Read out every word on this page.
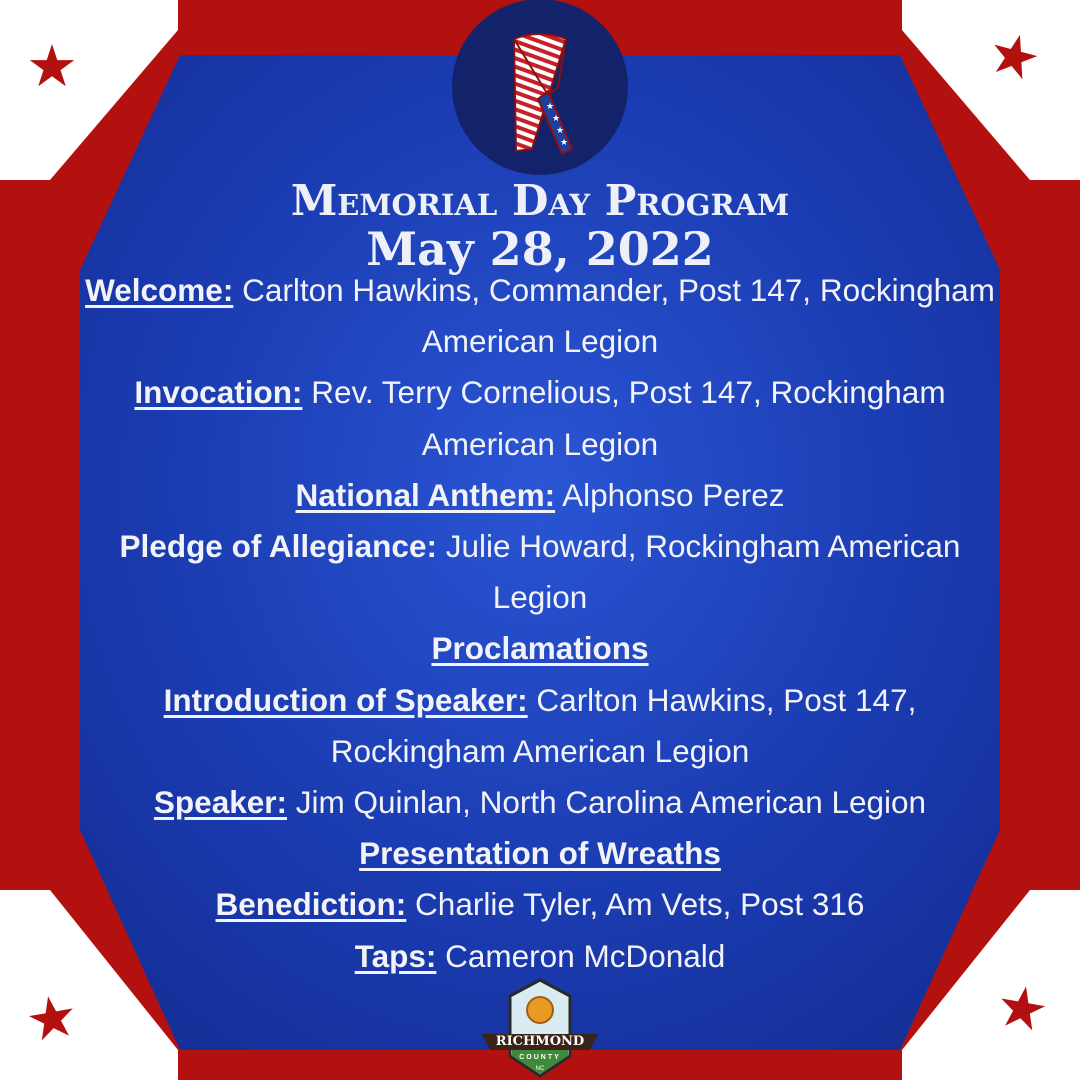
★	★
★	★
★
★
★
★
Memorial Day Program
May 28, 2022
Welcome: Carlton Hawkins, Commander, Post 147, Rockingham American Legion
Invocation: Rev. Terry Cornelious, Post 147, Rockingham American Legion
National Anthem: Alphonso Perez
Pledge of Allegiance: Julie Howard, Rockingham American Legion
Proclamations
Introduction of Speaker: Carlton Hawkins, Post 147, Rockingham American Legion
Speaker: Jim Quinlan, North Carolina American Legion
Presentation of Wreaths
Benediction: Charlie Tyler, Am Vets, Post 316
Taps: Cameron McDonald
RICHMOND
COUNTY
NC
